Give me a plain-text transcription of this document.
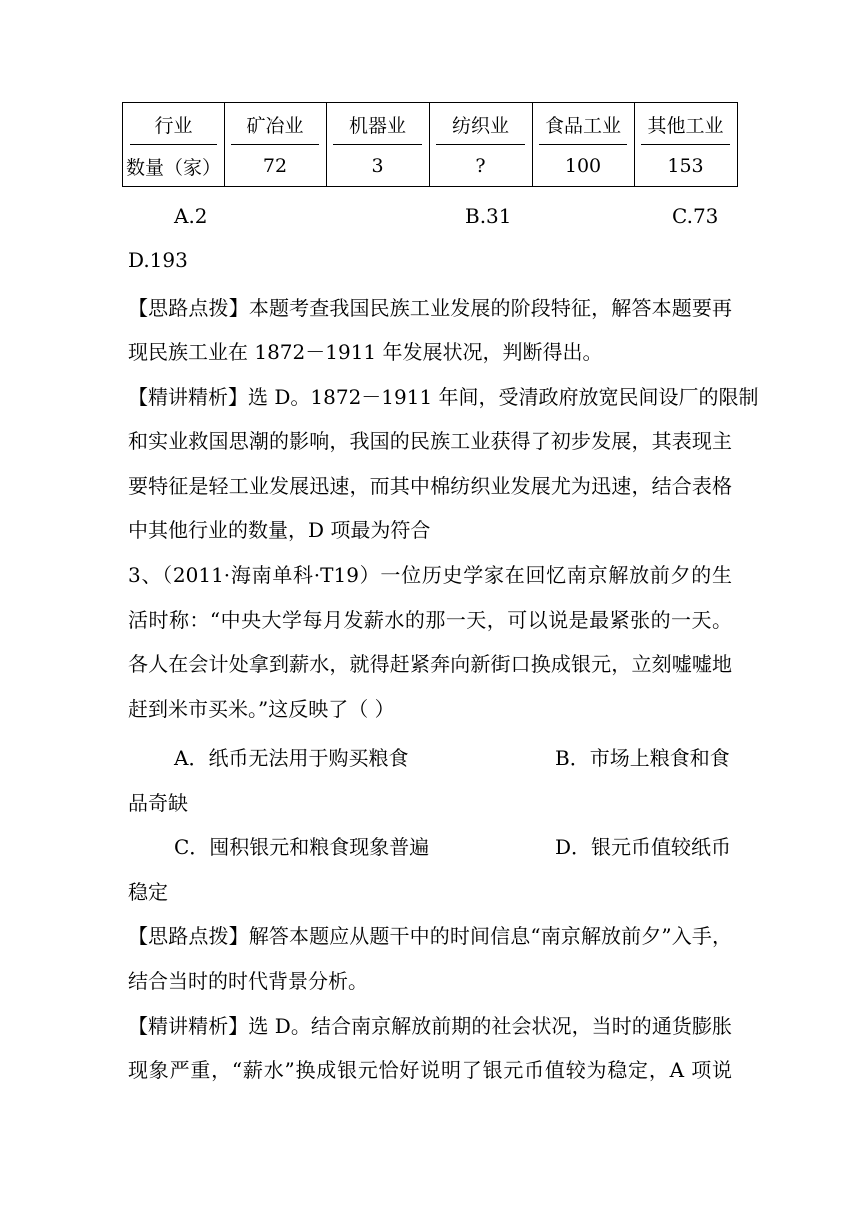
行业	矿冶业 机器业 纺织业 食品工业 其他工业
数量（家） 72	3	?	100	153
A.2	B.31	C.73
D.193
【思路点拨】本题考查我国民族工业发展的阶段特征，解答本题要再
现民族工业在 1872－1911 年发展状况，判断得出。
【精讲精析】选 D。1872－1911 年间，受清政府放宽民间设厂的限制
和实业救国思潮的影响，我国的民族工业获得了初步发展，其表现主
要特征是轻工业发展迅速，而其中棉纺织业发展尤为迅速，结合表格
中其他行业的数量，D 项最为符合
3、（2011·海南单科·T19）一位历史学家在回忆南京解放前夕的生
活时称：“中央大学每月发薪水的那一天，可以说是最紧张的一天。
各人在会计处拿到薪水，就得赶紧奔向新街口换成银元，立刻嘘嘘地
赶到米市买米。”这反映了（ ）
A．纸币无法用于购买粮食	B．市场上粮食和食
品奇缺
C．囤积银元和粮食现象普遍	D．银元币值较纸币
稳定
【思路点拨】解答本题应从题干中的时间信息“南京解放前夕”入手，
结合当时的时代背景分析。
【精讲精析】选 D。结合南京解放前期的社会状况，当时的通货膨胀
现象严重，“薪水”换成银元恰好说明了银元币值较为稳定，A 项说
